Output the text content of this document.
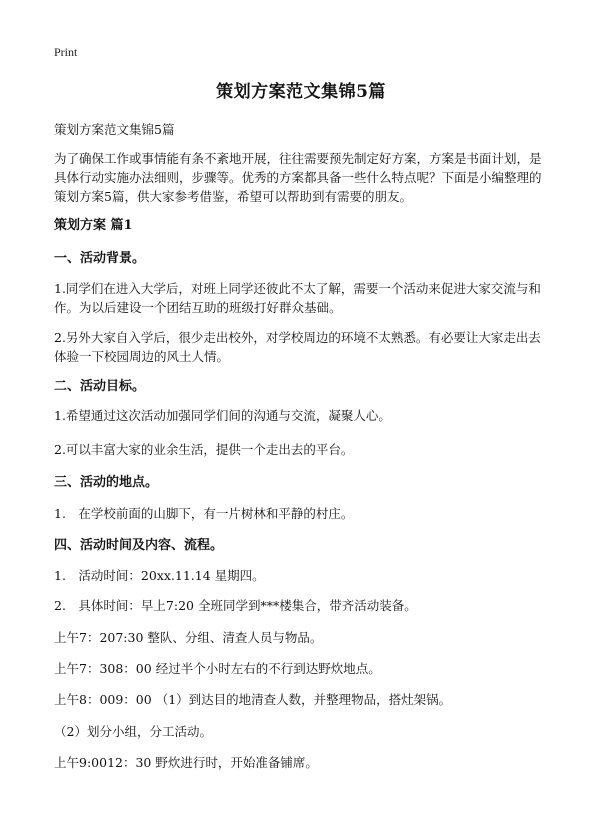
Print
策划方案范文集锦5篇

策划方案范文集锦5篇

为了确保工作或事情能有条不紊地开展，往往需要预先制定好方案，方案是书面计划，是具体行动实施办法细则，步骤等。优秀的方案都具备一些什么特点呢？下面是小编整理的策划方案5篇，供大家参考借鉴，希望可以帮助到有需要的朋友。

策划方案 篇1

一、活动背景。

1.同学们在进入大学后，对班上同学还彼此不太了解，需要一个活动来促进大家交流与和作。为以后建设一个团结互助的班级打好群众基础。

2.另外大家自入学后，很少走出校外，对学校周边的环境不太熟悉。有必要让大家走出去体验一下校园周边的风土人情。

二、活动目标。

1.希望通过这次活动加强同学们间的沟通与交流，凝聚人心。

2.可以丰富大家的业余生活，提供一个走出去的平台。

三、活动的地点。

1.　在学校前面的山脚下，有一片树林和平静的村庄。

四、活动时间及内容、流程。

1.　活动时间：20xx.11.14 星期四。

2.　具体时间：早上7:20 全班同学到***楼集合，带齐活动装备。

上午7：207:30 整队、分组、清查人员与物品。

上午7：308：00 经过半个小时左右的不行到达野炊地点。

上午8：009：00 （1）到达目的地清查人数，并整理物品，搭灶架锅。

（2）划分小组，分工活动。

上午9:0012：30 野炊进行时，开始准备铺席。
